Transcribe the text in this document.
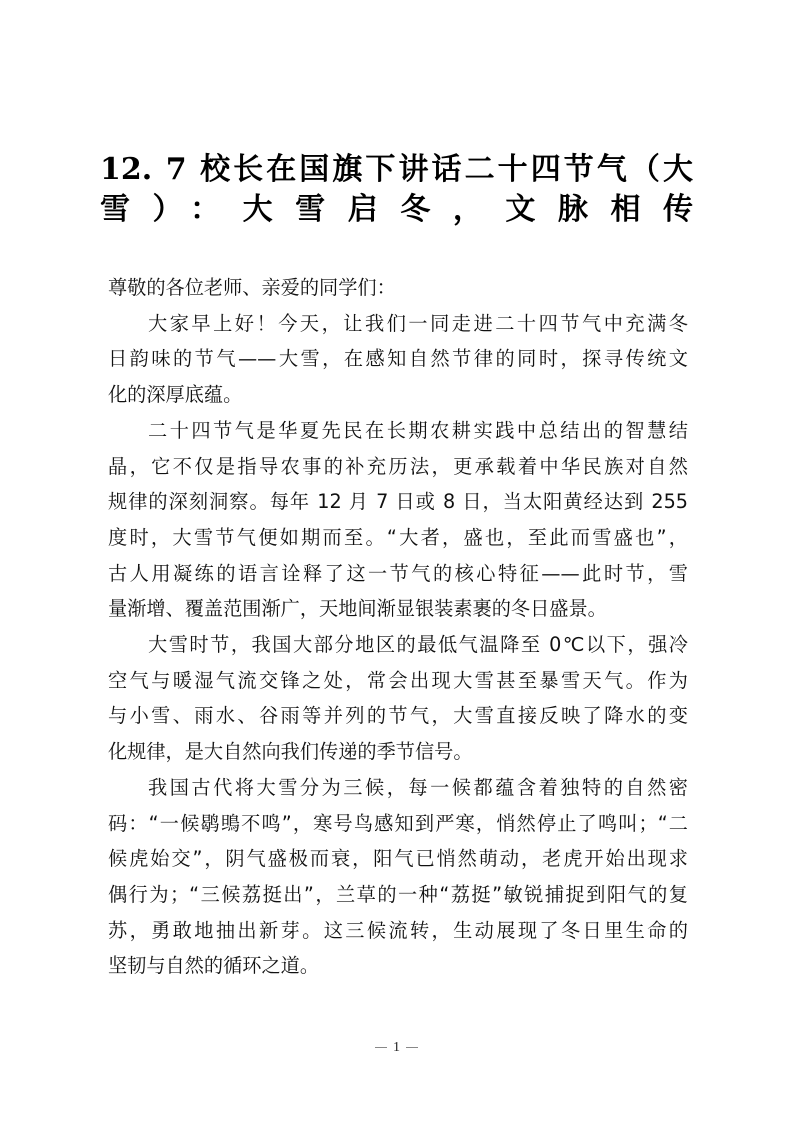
12. 7 校长在国旗下讲话二十四节气（大
雪）：大雪启冬，文脉相传

尊敬的各位老师、亲爱的同学们：

大家早上好！今天，让我们一同走进二十四节气中充满冬
日韵味的节气——大雪，在感知自然节律的同时，探寻传统文
化的深厚底蕴。

二十四节气是华夏先民在长期农耕实践中总结出的智慧结
晶，它不仅是指导农事的补充历法，更承载着中华民族对自然
规律的深刻洞察。每年 12 月 7 日或 8 日，当太阳黄经达到 255
度时，大雪节气便如期而至。“大者，盛也，至此而雪盛也”，
古人用凝练的语言诠释了这一节气的核心特征——此时节，雪
量渐增、覆盖范围渐广，天地间渐显银装素裹的冬日盛景。

大雪时节，我国大部分地区的最低气温降至 0℃以下，强冷
空气与暖湿气流交锋之处，常会出现大雪甚至暴雪天气。作为
与小雪、雨水、谷雨等并列的节气，大雪直接反映了降水的变
化规律，是大自然向我们传递的季节信号。

我国古代将大雪分为三候，每一候都蕴含着独特的自然密
码：“一候鹖鴠不鸣”，寒号鸟感知到严寒，悄然停止了鸣叫；“二
候虎始交”，阴气盛极而衰，阳气已悄然萌动，老虎开始出现求
偶行为；“三候荔挺出”，兰草的一种“荔挺”敏锐捕捉到阳气的复
苏，勇敢地抽出新芽。这三候流转，生动展现了冬日里生命的
坚韧与自然的循环之道。

1
